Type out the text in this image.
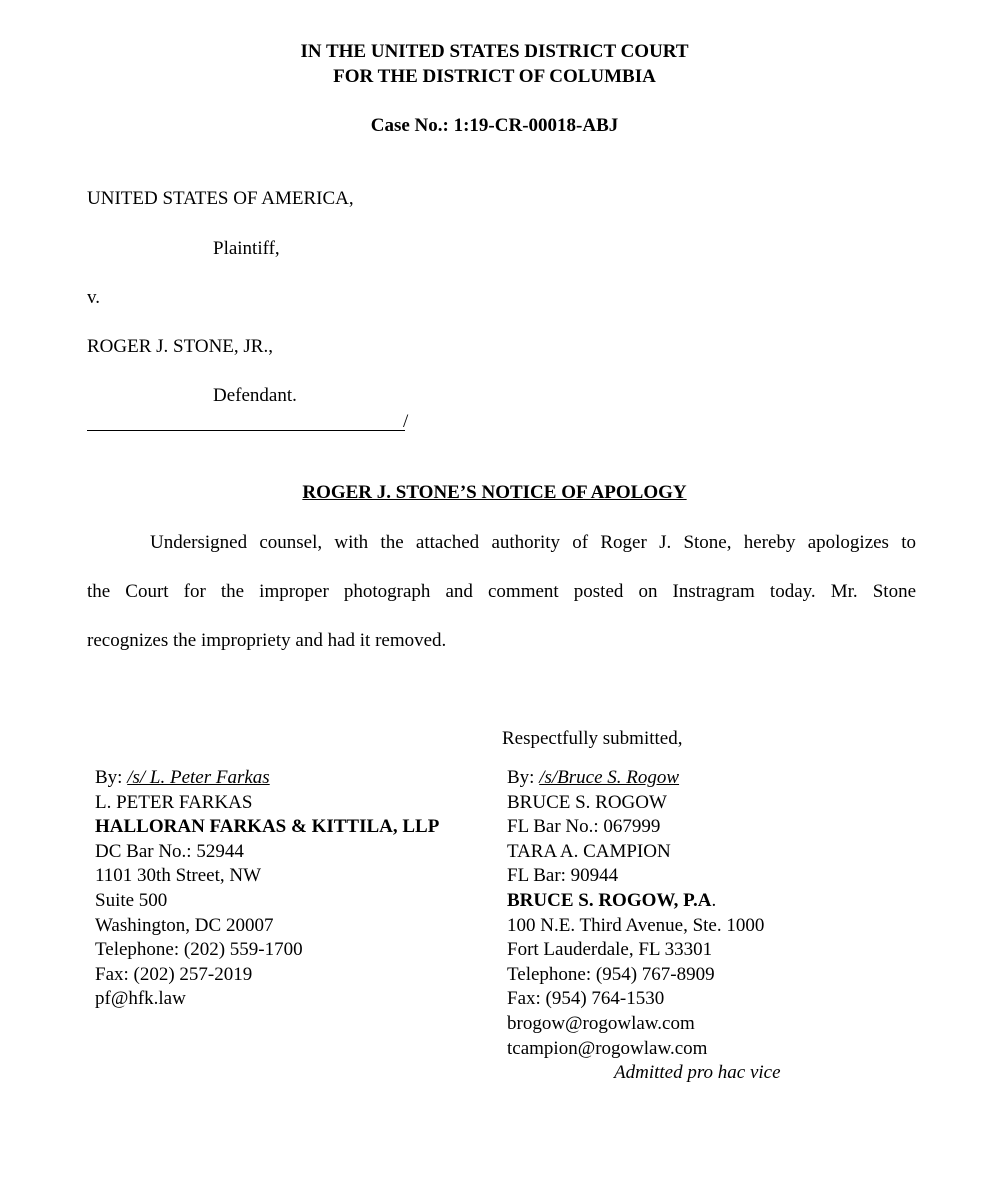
IN THE UNITED STATES DISTRICT COURT
FOR THE DISTRICT OF COLUMBIA
Case No.: 1:19-CR-00018-ABJ
UNITED STATES OF AMERICA,
Plaintiff,
v.
ROGER J. STONE, JR.,
Defendant.
/
ROGER J. STONE’S NOTICE OF APOLOGY
Undersigned counsel, with the attached authority of Roger J. Stone, hereby apologizes to
the Court for the improper photograph and comment posted on Instragram today. Mr. Stone
recognizes the impropriety and had it removed.
Respectfully submitted,
By: /s/ L. Peter Farkas
L. PETER FARKAS
HALLORAN FARKAS & KITTILA, LLP
DC Bar No.: 52944
1101 30th Street, NW
Suite 500
Washington, DC 20007
Telephone: (202) 559-1700
Fax: (202) 257-2019
pf@hfk.law
By: /s/Bruce S. Rogow
BRUCE S. ROGOW
FL Bar No.: 067999
TARA A. CAMPION
FL Bar: 90944
BRUCE S. ROGOW, P.A.
100 N.E. Third Avenue, Ste. 1000
Fort Lauderdale, FL 33301
Telephone: (954) 767-8909
Fax: (954) 764-1530
brogow@rogowlaw.com
tcampion@rogowlaw.com
Admitted pro hac vice
